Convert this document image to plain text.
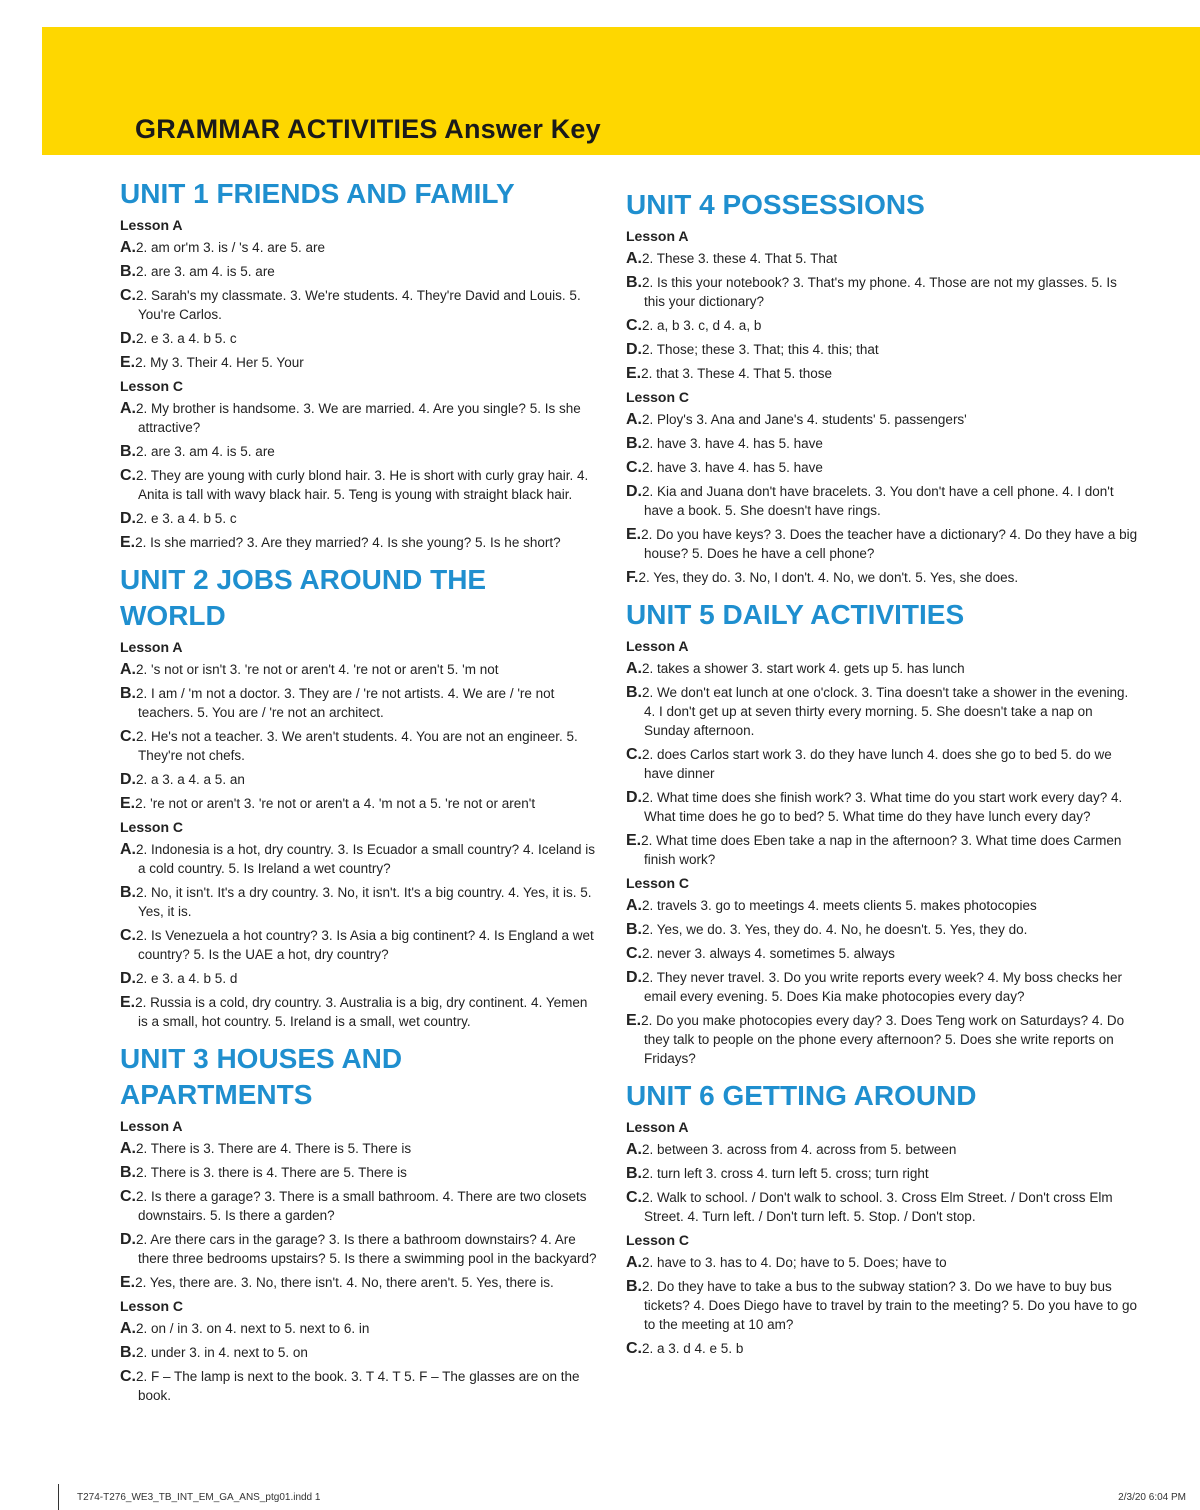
GRAMMAR ACTIVITIES Answer Key
UNIT 1 FRIENDS AND FAMILY
Lesson A
A.2. am or'm 3. is / 's 4. are 5. are
B.2. are 3. am 4. is 5. are
C.2. Sarah's my classmate. 3. We're students. 4. They're David and Louis. 5. You're Carlos.
D.2. e 3. a 4. b 5. c
E.2. My 3. Their 4. Her 5. Your
Lesson C
A.2. My brother is handsome. 3. We are married. 4. Are you single? 5. Is she attractive?
B.2. are 3. am 4. is 5. are
C.2. They are young with curly blond hair. 3. He is short with curly gray hair. 4. Anita is tall with wavy black hair. 5. Teng is young with straight black hair.
D.2. e 3. a 4. b 5. c
E.2. Is she married? 3. Are they married? 4. Is she young? 5. Is he short?
UNIT 2 JOBS AROUND THE WORLD
Lesson A
A.2. 's not or isn't 3. 're not or aren't 4. 're not or aren't 5. 'm not
B.2. I am / 'm not a doctor. 3. They are / 're not artists. 4. We are / 're not teachers. 5. You are / 're not an architect.
C.2. He's not a teacher. 3. We aren't students. 4. You are not an engineer. 5. They're not chefs.
D.2. a 3. a 4. a 5. an
E.2. 're not or aren't 3. 're not or aren't a 4. 'm not a 5. 're not or aren't
Lesson C
A.2. Indonesia is a hot, dry country. 3. Is Ecuador a small country? 4. Iceland is a cold country. 5. Is Ireland a wet country?
B.2. No, it isn't. It's a dry country. 3. No, it isn't. It's a big country. 4. Yes, it is. 5. Yes, it is.
C.2. Is Venezuela a hot country? 3. Is Asia a big continent? 4. Is England a wet country? 5. Is the UAE a hot, dry country?
D.2. e 3. a 4. b 5. d
E.2. Russia is a cold, dry country. 3. Australia is a big, dry continent. 4. Yemen is a small, hot country. 5. Ireland is a small, wet country.
UNIT 3 HOUSES AND APARTMENTS
Lesson A
A.2. There is 3. There are 4. There is 5. There is
B.2. There is 3. there is 4. There are 5. There is
C.2. Is there a garage? 3. There is a small bathroom. 4. There are two closets downstairs. 5. Is there a garden?
D.2. Are there cars in the garage? 3. Is there a bathroom downstairs? 4. Are there three bedrooms upstairs? 5. Is there a swimming pool in the backyard?
E.2. Yes, there are. 3. No, there isn't. 4. No, there aren't. 5. Yes, there is.
Lesson C
A.2. on / in 3. on 4. next to 5. next to 6. in
B.2. under 3. in 4. next to 5. on
C.2. F – The lamp is next to the book. 3. T 4. T 5. F – The glasses are on the book.
UNIT 4 POSSESSIONS
Lesson A
A.2. These 3. these 4. That 5. That
B.2. Is this your notebook? 3. That's my phone. 4. Those are not my glasses. 5. Is this your dictionary?
C.2. a, b 3. c, d 4. a, b
D.2. Those; these 3. That; this 4. this; that
E.2. that 3. These 4. That 5. those
Lesson C
A.2. Ploy's 3. Ana and Jane's 4. students' 5. passengers'
B.2. have 3. have 4. has 5. have
C.2. have 3. have 4. has 5. have
D.2. Kia and Juana don't have bracelets. 3. You don't have a cell phone. 4. I don't have a book. 5. She doesn't have rings.
E.2. Do you have keys? 3. Does the teacher have a dictionary? 4. Do they have a big house? 5. Does he have a cell phone?
F.2. Yes, they do. 3. No, I don't. 4. No, we don't. 5. Yes, she does.
UNIT 5 DAILY ACTIVITIES
Lesson A
A.2. takes a shower 3. start work 4. gets up 5. has lunch
B.2. We don't eat lunch at one o'clock. 3. Tina doesn't take a shower in the evening. 4. I don't get up at seven thirty every morning. 5. She doesn't take a nap on Sunday afternoon.
C.2. does Carlos start work 3. do they have lunch 4. does she go to bed 5. do we have dinner
D.2. What time does she finish work? 3. What time do you start work every day? 4. What time does he go to bed? 5. What time do they have lunch every day?
E.2. What time does Eben take a nap in the afternoon? 3. What time does Carmen finish work?
Lesson C
A.2. travels 3. go to meetings 4. meets clients 5. makes photocopies
B.2. Yes, we do. 3. Yes, they do. 4. No, he doesn't. 5. Yes, they do.
C.2. never 3. always 4. sometimes 5. always
D.2. They never travel. 3. Do you write reports every week? 4. My boss checks her email every evening. 5. Does Kia make photocopies every day?
E.2. Do you make photocopies every day? 3. Does Teng work on Saturdays? 4. Do they talk to people on the phone every afternoon? 5. Does she write reports on Fridays?
UNIT 6 GETTING AROUND
Lesson A
A.2. between 3. across from 4. across from 5. between
B.2. turn left 3. cross 4. turn left 5. cross; turn right
C.2. Walk to school. / Don't walk to school. 3. Cross Elm Street. / Don't cross Elm Street. 4. Turn left. / Don't turn left. 5. Stop. / Don't stop.
Lesson C
A.2. have to 3. has to 4. Do; have to 5. Does; have to
B.2. Do they have to take a bus to the subway station? 3. Do we have to buy bus tickets? 4. Does Diego have to travel by train to the meeting? 5. Do you have to go to the meeting at 10 am?
C.2. a 3. d 4. e 5. b
T274-T276_WE3_TB_INT_EM_GA_ANS_ptg01.indd 1	2/3/20 6:04 PM
